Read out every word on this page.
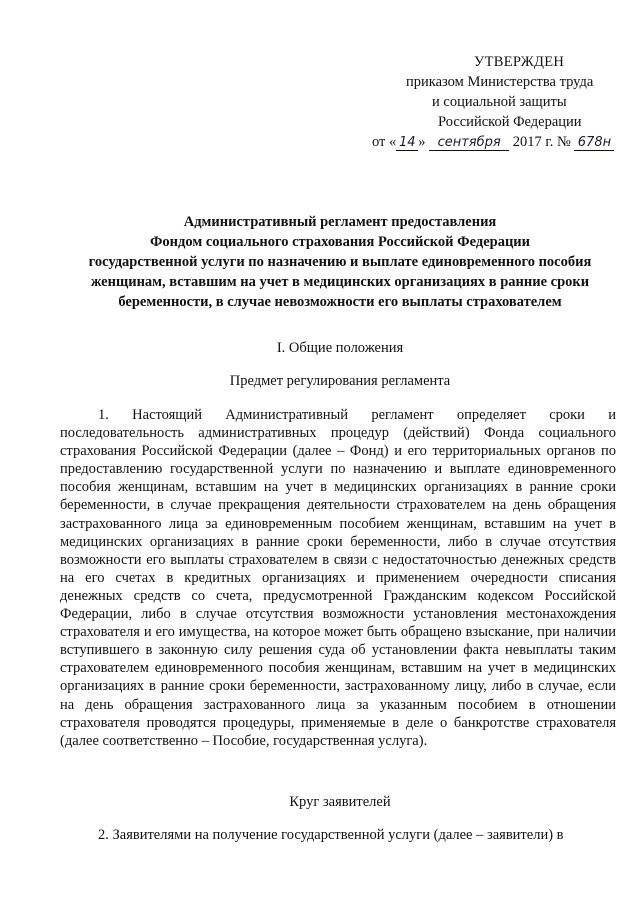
УТВЕРЖДЕН
приказом Министерства труда
и социальной защиты
Российской Федерации
от « 14 » сентября 2017 г. № 678н
Административный регламент предоставления
Фондом социального страхования Российской Федерации
государственной услуги по назначению и выплате единовременного пособия
женщинам, вставшим на учет в медицинских организациях в ранние сроки
беременности, в случае невозможности его выплаты страхователем
I. Общие положения
Предмет регулирования регламента
1. Настоящий Административный регламент определяет сроки и последовательность административных процедур (действий) Фонда социального страхования Российской Федерации (далее – Фонд) и его территориальных органов по предоставлению государственной услуги по назначению и выплате единовременного пособия женщинам, вставшим на учет в медицинских организациях в ранние сроки беременности, в случае прекращения деятельности страхователем на день обращения застрахованного лица за единовременным пособием женщинам, вставшим на учет в медицинских организациях в ранние сроки беременности, либо в случае отсутствия возможности его выплаты страхователем в связи с недостаточностью денежных средств на его счетах в кредитных организациях и применением очередности списания денежных средств со счета, предусмотренной Гражданским кодексом Российской Федерации, либо в случае отсутствия возможности установления местонахождения страхователя и его имущества, на которое может быть обращено взыскание, при наличии вступившего в законную силу решения суда об установлении факта невыплаты таким страхователем единовременного пособия женщинам, вставшим на учет в медицинских организациях в ранние сроки беременности, застрахованному лицу, либо в случае, если на день обращения застрахованного лица за указанным пособием в отношении страхователя проводятся процедуры, применяемые в деле о банкротстве страхователя (далее соответственно – Пособие, государственная услуга).
Круг заявителей
2. Заявителями на получение государственной услуги (далее – заявители) в
